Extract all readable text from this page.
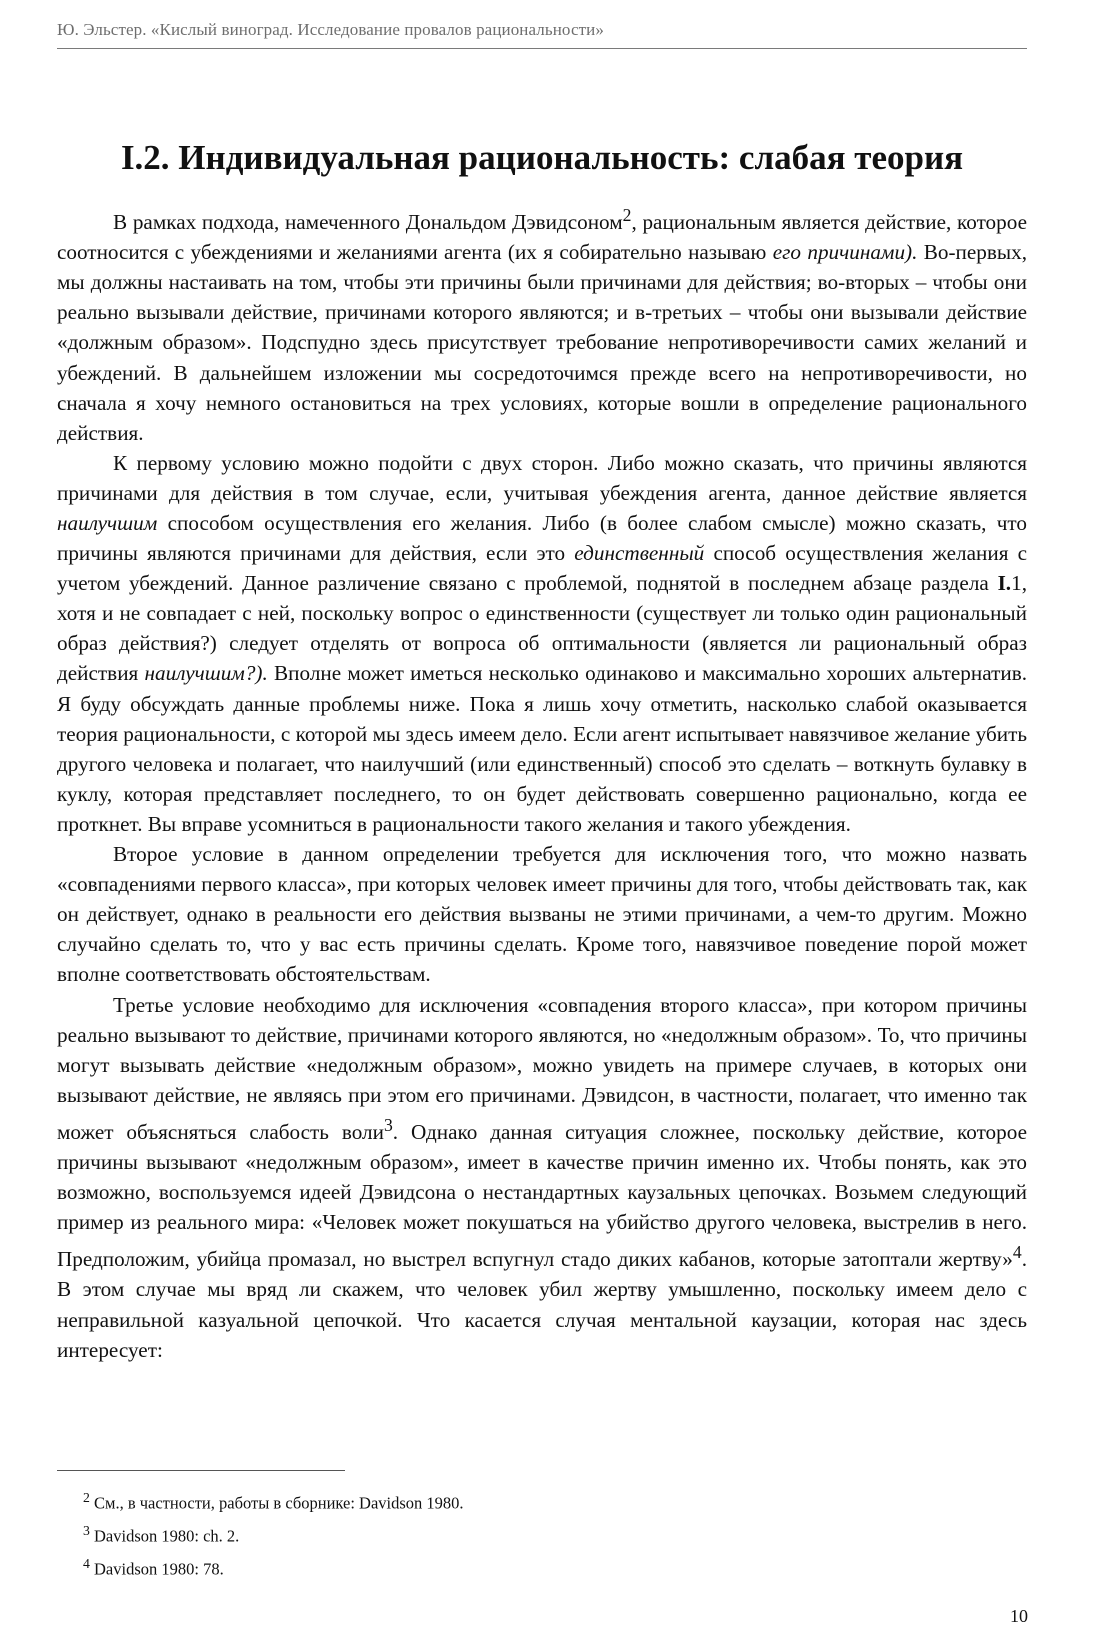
Ю. Эльстер. «Кислый виноград. Исследование провалов рациональности»
I.2. Индивидуальная рациональность: слабая теория

В рамках подхода, намеченного Дональдом Дэвидсоном$^2$, рациональным является действие, которое соотносится с убеждениями и желаниями агента (их я собирательно называю его причинами). Во-первых, мы должны настаивать на том, чтобы эти причины были причинами для действия; во-вторых – чтобы они реально вызывали действие, причинами которого являются; и в-третьих – чтобы они вызывали действие «должным образом». Подспудно здесь присутствует требование непротиворечивости самих желаний и убеждений. В дальнейшем изложении мы сосредоточимся прежде всего на непротиворечивости, но сначала я хочу немного остановиться на трех условиях, которые вошли в определение рационального действия.

К первому условию можно подойти с двух сторон. Либо можно сказать, что причины являются причинами для действия в том случае, если, учитывая убеждения агента, данное действие является наилучшим способом осуществления его желания. Либо (в более слабом смысле) можно сказать, что причины являются причинами для действия, если это единственный способ осуществления желания с учетом убеждений. Данное различение связано с проблемой, поднятой в последнем абзаце раздела I.1, хотя и не совпадает с ней, поскольку вопрос о единственности (существует ли только один рациональный образ действия?) следует отделять от вопроса об оптимальности (является ли рациональный образ действия наилучшим?). Вполне может иметься несколько одинаково и максимально хороших альтернатив. Я буду обсуждать данные проблемы ниже. Пока я лишь хочу отметить, насколько слабой оказывается теория рациональности, с которой мы здесь имеем дело. Если агент испытывает навязчивое желание убить другого человека и полагает, что наилучший (или единственный) способ это сделать – воткнуть булавку в куклу, которая представляет последнего, то он будет действовать совершенно рационально, когда ее проткнет. Вы вправе усомниться в рациональности такого желания и такого убеждения.

Второе условие в данном определении требуется для исключения того, что можно назвать «совпадениями первого класса», при которых человек имеет причины для того, чтобы действовать так, как он действует, однако в реальности его действия вызваны не этими причинами, а чем-то другим. Можно случайно сделать то, что у вас есть причины сделать. Кроме того, навязчивое поведение порой может вполне соответствовать обстоятельствам.

Третье условие необходимо для исключения «совпадения второго класса», при котором причины реально вызывают то действие, причинами которого являются, но «недолжным образом». То, что причины могут вызывать действие «недолжным образом», можно увидеть на примере случаев, в которых они вызывают действие, не являясь при этом его причинами. Дэвидсон, в частности, полагает, что именно так может объясняться слабость воли$^3$. Однако данная ситуация сложнее, поскольку действие, которое причины вызывают «недолжным образом», имеет в качестве причин именно их. Чтобы понять, как это возможно, воспользуемся идеей Дэвидсона о нестандартных каузальных цепочках. Возьмем следующий пример из реального мира: «Человек может покушаться на убийство другого человека, выстрелив в него. Предположим, убийца промазал, но выстрел вспугнул стадо диких кабанов, которые затоптали жертву»$^4$. В этом случае мы вряд ли скажем, что человек убил жертву умышленно, поскольку имеем дело с неправильной казуальной цепочкой. Что касается случая ментальной каузации, которая нас здесь интересует:

$^2$ См., в частности, работы в сборнике: Davidson 1980.
$^3$ Davidson 1980: ch. 2.
$^4$ Davidson 1980: 78.
10
